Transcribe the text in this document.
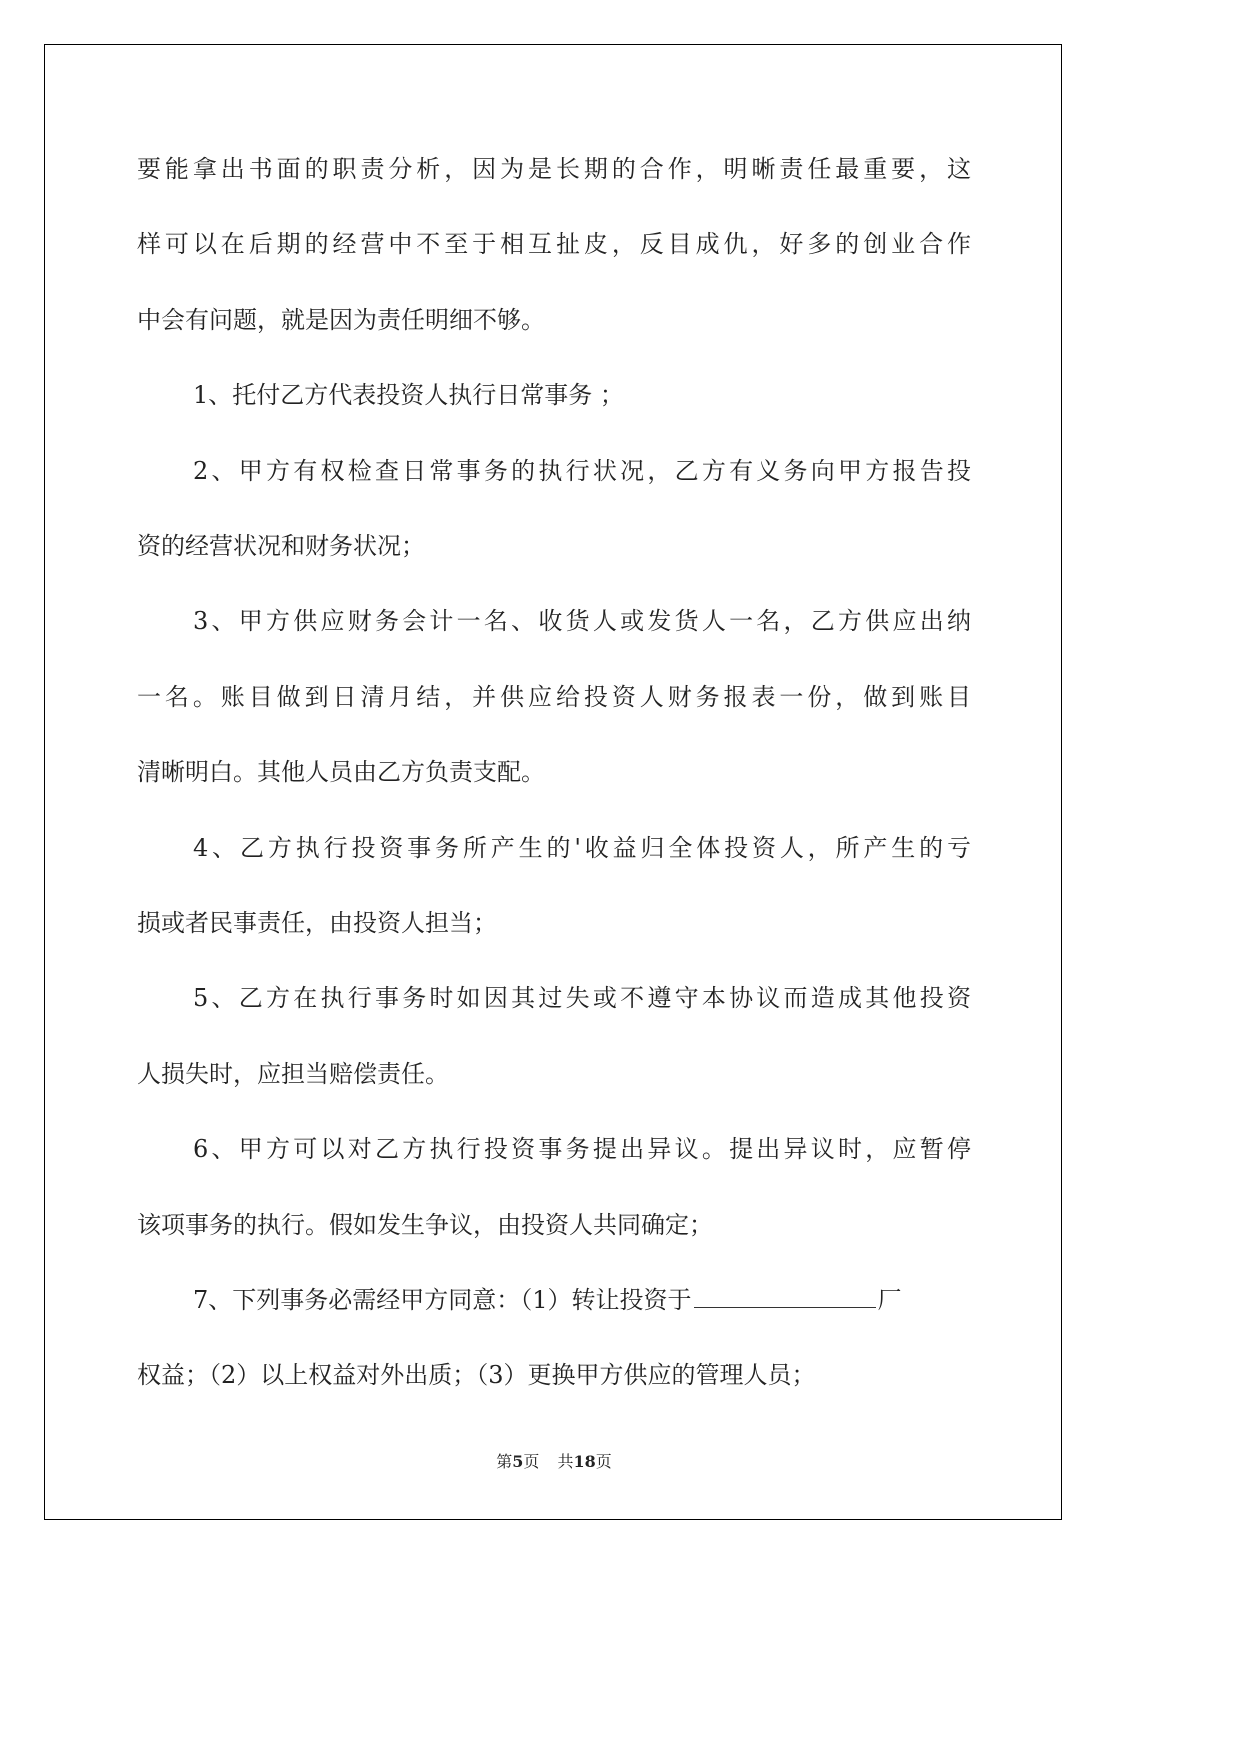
要能拿出书面的职责分析，因为是长期的合作，明晰责任最重要，这
样可以在后期的经营中不至于相互扯皮，反目成仇，好多的创业合作
中会有问题，就是因为责任明细不够。
1、托付乙方代表投资人执行日常事务 ；
2、甲方有权检查日常事务的执行状况，乙方有义务向甲方报告投
资的经营状况和财务状况；
3、甲方供应财务会计一名、收货人或发货人一名，乙方供应出纳
一名。账目做到日清月结，并供应给投资人财务报表一份，做到账目
清晰明白。其他人员由乙方负责支配。
4、乙方执行投资事务所产生的'收益归全体投资人，所产生的亏
损或者民事责任，由投资人担当；
5、乙方在执行事务时如因其过失或不遵守本协议而造成其他投资
人损失时，应担当赔偿责任。
6、甲方可以对乙方执行投资事务提出异议。提出异议时，应暂停
该项事务的执行。假如发生争议，由投资人共同确定；
7、下列事务必需经甲方同意：（1）转让投资于	厂
权益；（2）以上权益对外出质；（3）更换甲方供应的管理人员；
第5页 共18页
